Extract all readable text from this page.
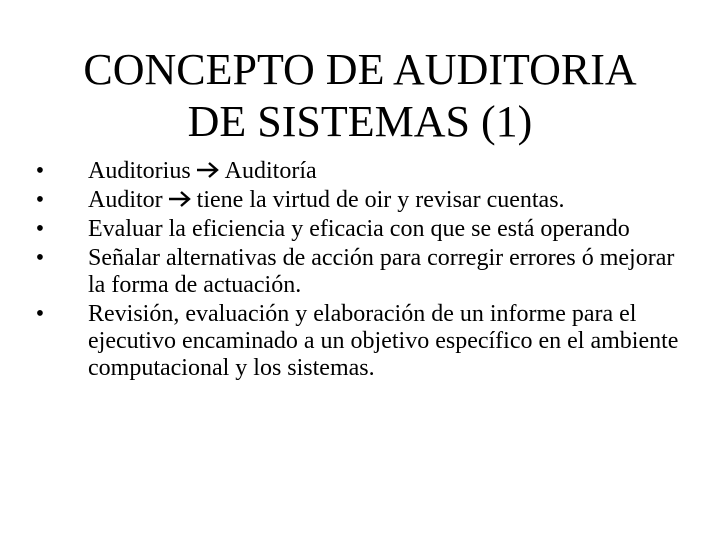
CONCEPTO DE AUDITORIA
DE SISTEMAS (1)
• Auditorius Auditoría
• Auditor tiene la virtud de oir y revisar cuentas.
• Evaluar la eficiencia y eficacia con que se está operando
• Señalar alternativas de acción para corregir errores ó mejorar la forma de actuación.
• Revisión, evaluación y elaboración de un informe para el ejecutivo encaminado a un objetivo específico en el ambiente computacional y los sistemas.
